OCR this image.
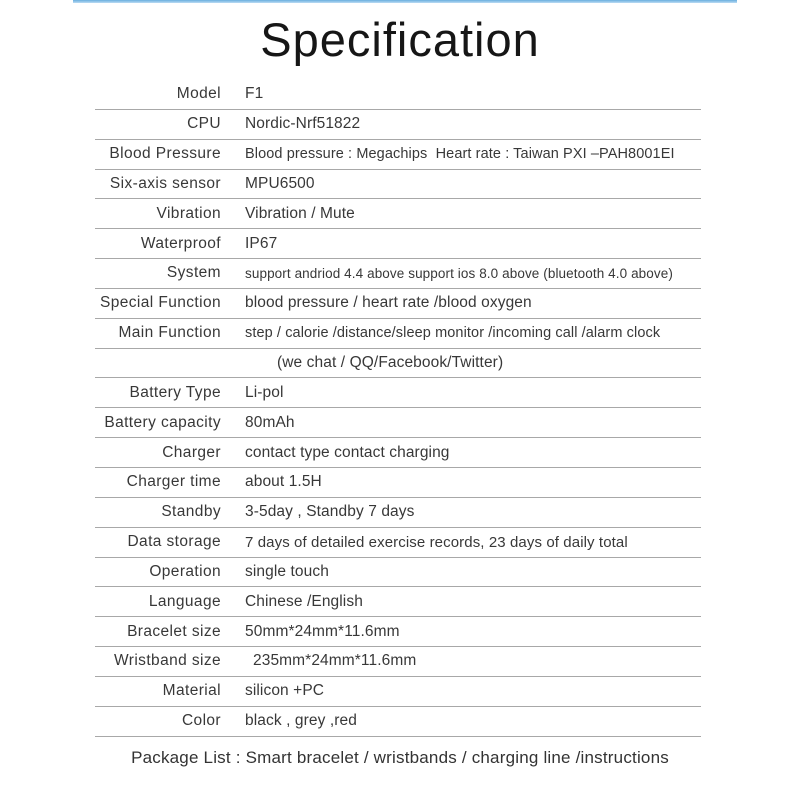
Specification
Model F1
CPU Nordic-Nrf51822
Blood Pressure Blood pressure : Megachips  Heart rate : Taiwan PXI –PAH8001EI
Six-axis sensor MPU6500
Vibration Vibration / Mute
Waterproof IP67
System support andriod 4.4 above support ios 8.0 above (bluetooth 4.0 above)
Special Function blood pressure / heart rate /blood oxygen
Main Function step / calorie /distance/sleep monitor /incoming call /alarm clock
(we chat / QQ/Facebook/Twitter)
Battery Type Li-pol
Battery capacity 80mAh
Charger contact type contact charging
Charger time about 1.5H
Standby 3-5day , Standby 7 days
Data storage 7 days of detailed exercise records, 23 days of daily total
Operation single touch
Language Chinese /English
Bracelet size 50mm*24mm*11.6mm
Wristband size	235mm*24mm*11.6mm
Material silicon +PC
Color black , grey ,red
Package List : Smart bracelet / wristbands / charging line /instructions
